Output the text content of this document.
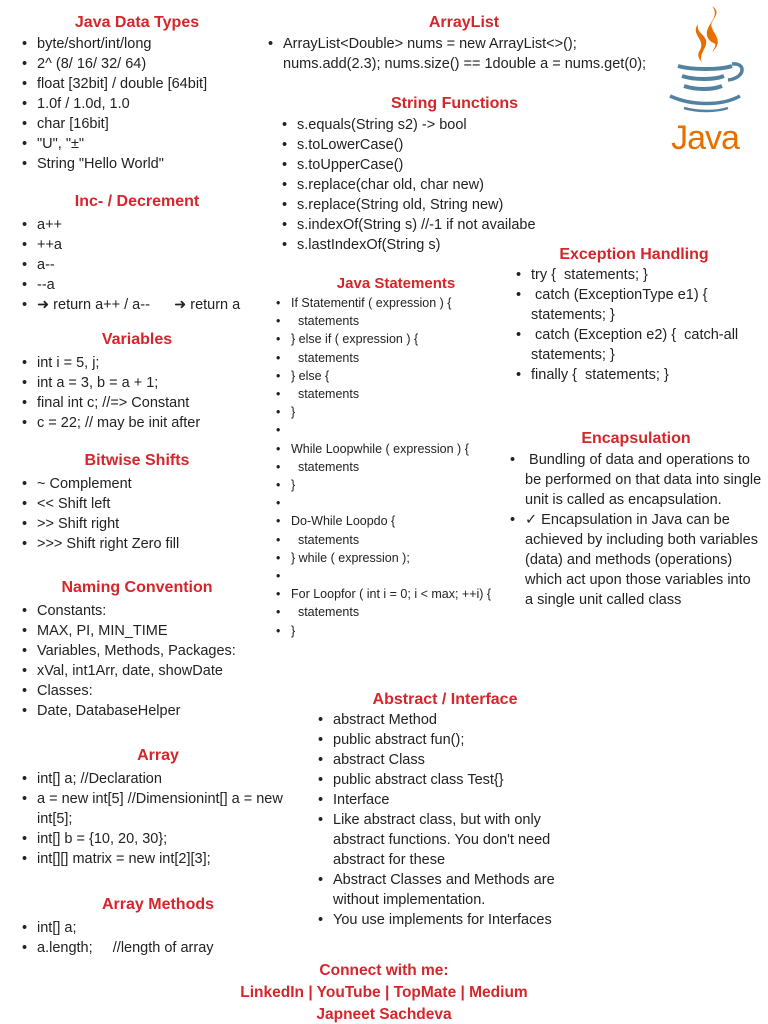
Java Data Types
• byte/short/int/long
• 2^ (8/ 16/ 32/ 64)
• float [32bit] / double [64bit]
• 1.0f / 1.0d, 1.0
• char [16bit]
• "U", "±"
• String "Hello World"
Inc- / Decrement
• a++
• ++a
• a--
• --a
• ➜ return a++ / a--      ➜ return a
Variables
• int i = 5, j;
• int a = 3, b = a + 1;
• final int c; //=> Constant
• c = 22; // may be init after
Bitwise Shifts
• ~ Complement
• << Shift left
• >> Shift right
• >>> Shift right Zero fill
Naming Convention
• Constants:
• MAX, PI, MIN_TIME
• Variables, Methods, Packages:
• xVal, int1Arr, date, showDate
• Classes:
• Date, DatabaseHelper
Array
• int[] a; //Declaration
• a = new int[5] //Dimensionint[] a = new int[5];
• int[] b = {10, 20, 30};
• int[][] matrix = new int[2][3];
Array Methods
• int[] a;
• a.length;     //length of array
ArrayList
• ArrayList<Double> nums = new ArrayList<>(); nums.add(2.3); nums.size() == 1double a = nums.get(0);
String Functions
• s.equals(String s2) -> bool
• s.toLowerCase()
• s.toUpperCase()
• s.replace(char old, char new)
• s.replace(String old, String new)
• s.indexOf(String s) //-1 if not availabe
• s.lastIndexOf(String s)
Java Statements
• If Statementif ( expression ) {
•   statements
• } else if ( expression ) {
•   statements
• } else {
•   statements
• }
•
• While Loopwhile ( expression ) {
•   statements
• }
•
• Do-While Loopdo {
•   statements
• } while ( expression );
•
• For Loopfor ( int i = 0; i < max; ++i) {
•   statements
• }
Java
Exception Handling
• try {  statements; }
•  catch (ExceptionType e1) {  statements; }
•  catch (Exception e2) {  catch-all statements; }
• finally {  statements; }
Encapsulation
•  Bundling of data and operations to be performed on that data into single unit is called as encapsulation.
• ✓ Encapsulation in Java can be achieved by including both variables (data) and methods (operations) which act upon those variables into a single unit called class
Abstract / Interface
• abstract Method
• public abstract fun();
• abstract Class
• public abstract class Test{}
• Interface
• Like abstract class, but with only abstract functions. You don't need abstract for these
• Abstract Classes and Methods are without implementation.
• You use implements for Interfaces
Connect with me:
LinkedIn | YouTube | TopMate | Medium
Japneet Sachdeva
